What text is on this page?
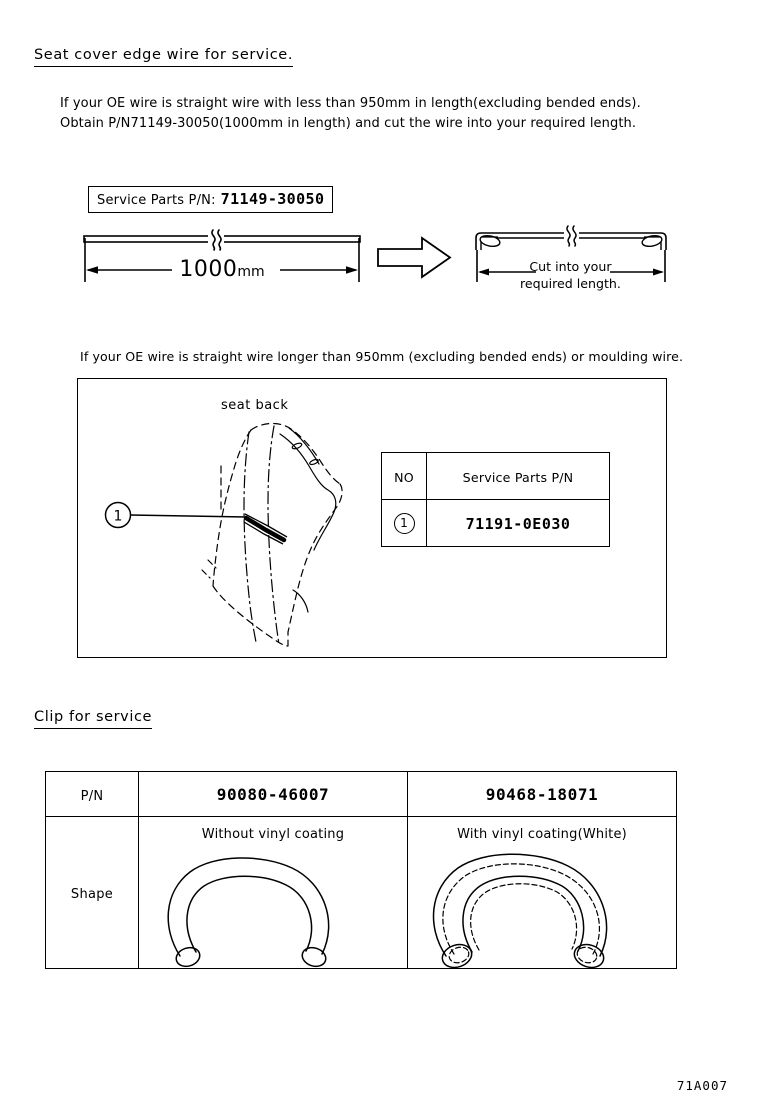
Seat cover edge wire for service.
If your OE wire is straight wire with less than 950mm in length(excluding bended ends).
Obtain P/N71149-30050(1000mm in length) and cut the wire into your required length.
Service Parts P/N: 71149-30050
1000mm	Cut into your
required length.
If your OE wire is straight wire longer than 950mm (excluding bended ends) or moulding wire.
seat back
1
NO	Service Parts P/N
1	71191-0E030
Clip for service
P/N	90080-46007	90468-18071
Shape	Without vinyl coating	With vinyl coating(White)
71A007
